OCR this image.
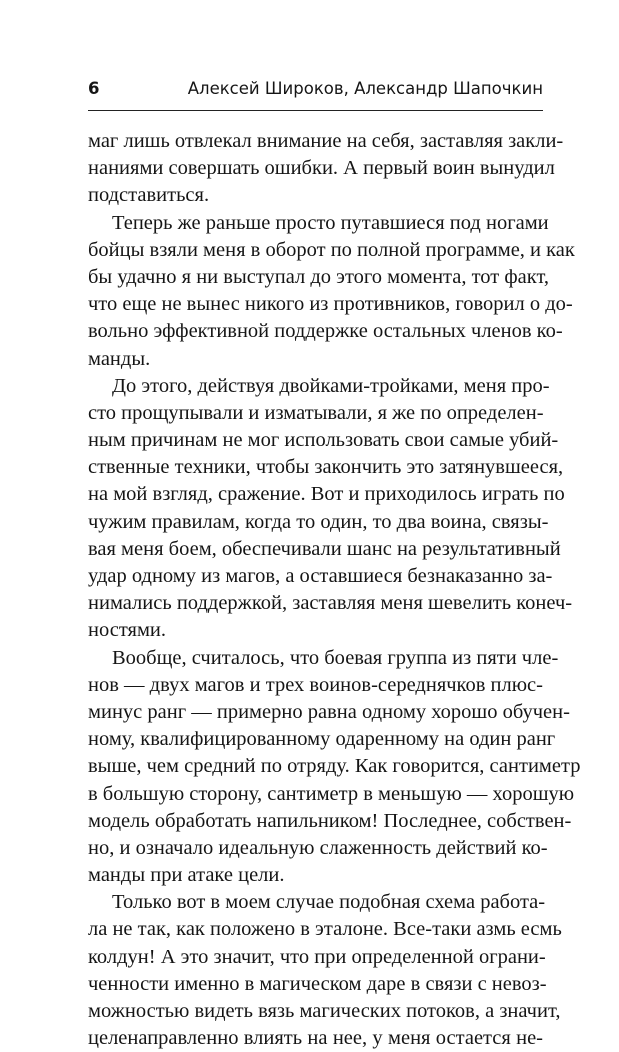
6	Алексей Широков, Александр Шапочкин
маг лишь отвлекал внимание на себя, заставляя закли-
наниями совершать ошибки. А первый воин вынудил
подставиться.
Теперь же раньше просто путавшиеся под ногами
бойцы взяли меня в оборот по полной программе, и как
бы удачно я ни выступал до этого момента, тот факт,
что еще не вынес никого из противников, говорил о до-
вольно эффективной поддержке остальных членов ко-
манды.
До этого, действуя двойками-тройками, меня про-
сто прощупывали и изматывали, я же по определен-
ным причинам не мог использовать свои самые убий-
ственные техники, чтобы закончить это затянувшееся,
на мой взгляд, сражение. Вот и приходилось играть по
чужим правилам, когда то один, то два воина, связы-
вая меня боем, обеспечивали шанс на результативный
удар одному из магов, а оставшиеся безнаказанно за-
нимались поддержкой, заставляя меня шевелить конеч-
ностями.
Вообще, считалось, что боевая группа из пяти чле-
нов — двух магов и трех воинов-середнячков плюс-
минус ранг — примерно равна одному хорошо обучен-
ному, квалифицированному одаренному на один ранг
выше, чем средний по отряду. Как говорится, сантиметр
в большую сторону, сантиметр в меньшую — хорошую
модель обработать напильником! Последнее, собствен-
но, и означало идеальную слаженность действий ко-
манды при атаке цели.
Только вот в моем случае подобная схема работа-
ла не так, как положено в эталоне. Все-таки азмь есмь
колдун! А это значит, что при определенной ограни-
ченности именно в магическом даре в связи с невоз-
можностью видеть вязь магических потоков, а значит,
целенаправленно влиять на нее, у меня остается не-
